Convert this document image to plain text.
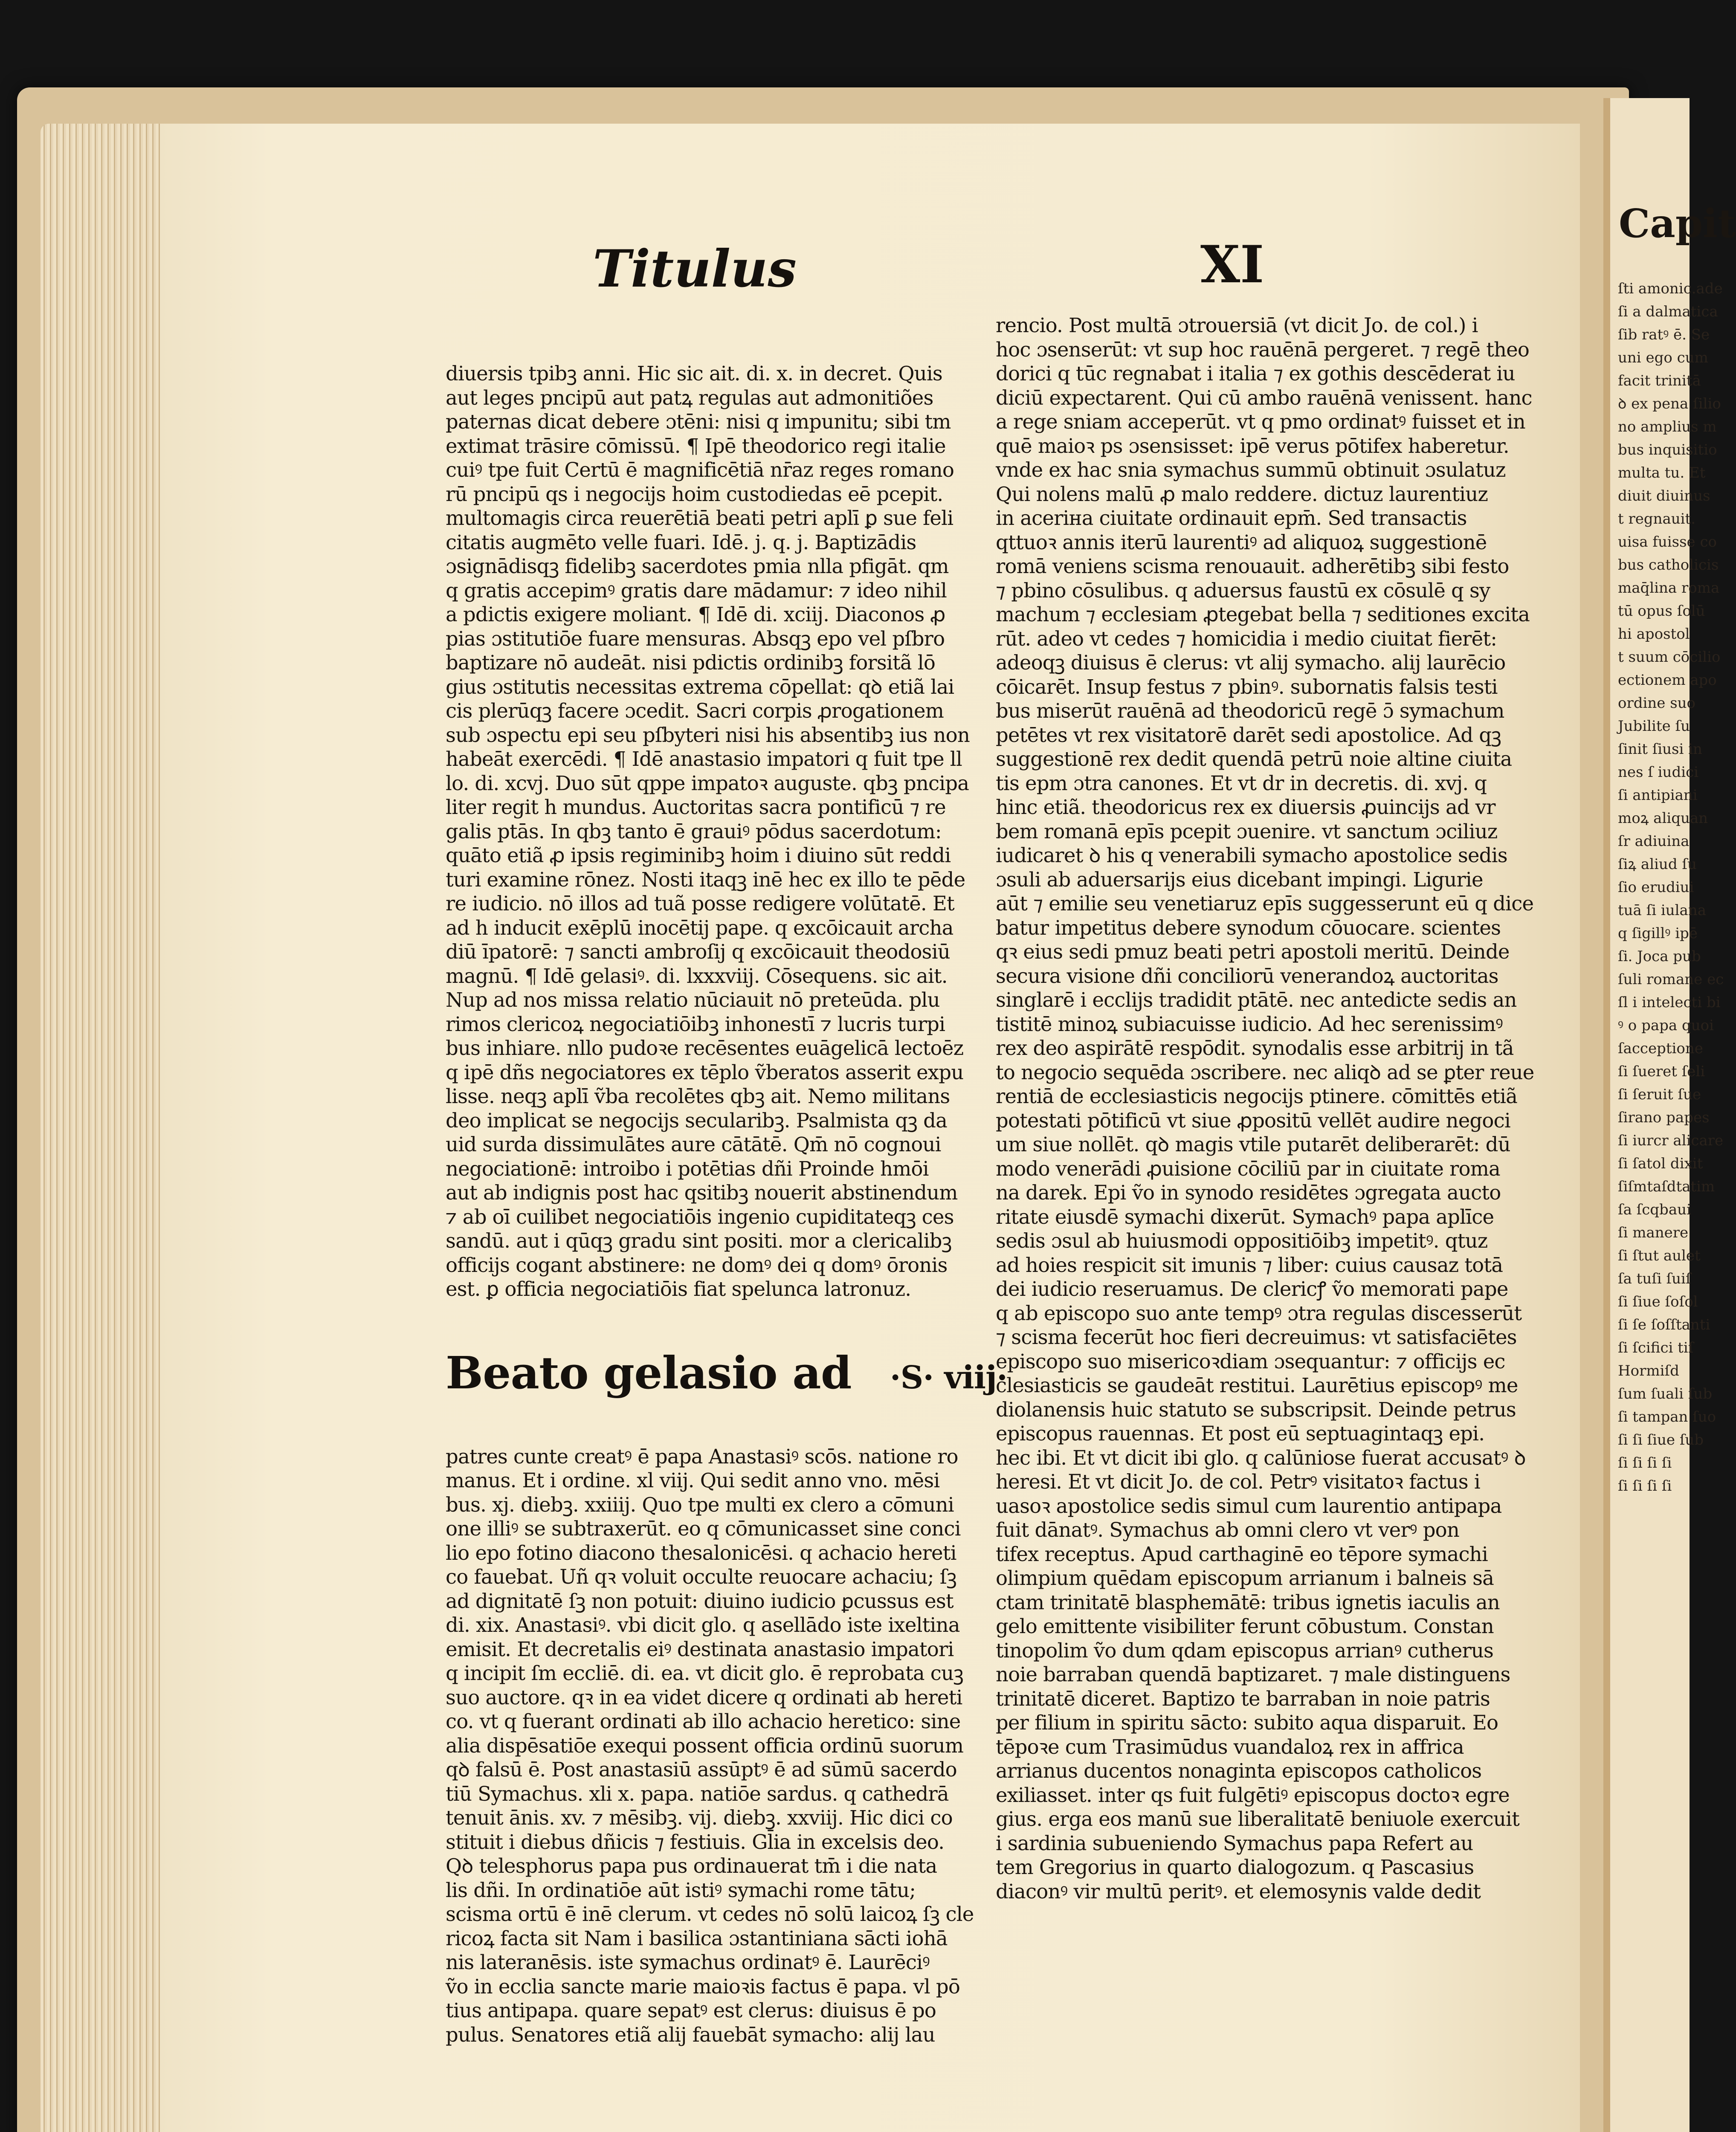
Titulus	XI

diuersis tpibꝫ anni. Hic sic ait. di. x. in decret. Quis
aut leges pncipū aut patꝝ regulas aut admonitiões
paternas dicat debere ɔtēni: nisi q impunitu; sibi tm
extimat trāsire cōmissū. ¶ Ipē theodorico regi italie
cuiꝰ tpe fuit Certū ē magnificētiā nr̄az reges romano
rū pncipū qs i negocijs hoim custodiedas eē pcepit.
multomagis circa reuerētiā beati petri aplī ꝑ sue feli
citatis augmēto velle fuari. Idē. j. q. j. Baptizādis
ɔsignādisqꝫ fidelibꝫ sacerdotes pmia nlla pfigāt. qm
q gratis accepimꝰ gratis dare mādamur: ⁊ ideo nihil
a pdictis exigere moliant. ¶ Idē di. xciij. Diaconos ꝓ
pias ɔstitutiōe fuare mensuras. Absqꝫ epo vel pſbro
baptizare nō audeāt. nisi pdictis ordinibꝫ forsitã lō
gius ɔstitutis necessitas extrema cōpellat: qꝺ etiã lai
cis plerūqꝫ facere ɔcedit. Sacri corpis ꝓrogationem
sub ɔspectu epi seu pſbyteri nisi his absentibꝫ ius non
habeāt exercēdi. ¶ Idē anastasio impatori q fuit tpe ll
lo. di. xcvj. Duo sūt qppe impatoꝛ auguste. qbꝫ pncipa
liter regit h mundus. Auctoritas sacra pontificū ⁊ re
galis ptās. In qbꝫ tanto ē grauiꝰ pōdus sacerdotum:
quāto etiã ꝓ ipsis regiminibꝫ hoim i diuino sūt reddi
turi examine rōnez. Nosti itaqꝫ inē hec ex illo te pēde
re iudicio. nō illos ad tuã posse redigere volūtatē. Et
ad h inducit exēplū inocētij pape. q excōicauit archa
diū īpatorē: ⁊ sancti ambroſij q excōicauit theodosiū
magnū. ¶ Idē gelasiꝰ. di. lxxxviij. Cōsequens. sic ait.
Nup ad nos missa relatio nūciauit nō preteūda. plu
rimos clericoꝝ negociatiōibꝫ inhonestī ⁊ lucris turpi
bus inhiare. nllo pudoꝛe recēsentes euāgelicā lectoēz
q ipē dñs negociatores ex tēplo ṽberatos asserit expu
lisse. neqꝫ aplī ṽba recolētes qbꝫ ait. Nemo militans
deo implicat se negocijs secularibꝫ. Psalmista qꝫ da
uid surda dissimulātes aure cātātē. Qm̄ nō cognoui
negociationē: introibo i potētias dñi Proinde hmōi
aut ab indignis post hac qsitibꝫ nouerit abstinendum
⁊ ab oī cuilibet negociatiōis ingenio cupiditateqꝫ ces
sandū. aut i qūqꝫ gradu sint positi. mor a clericalibꝫ
officijs cogant abstinere: ne domꝰ dei q domꝰ ōronis
est. ꝑ officia negociatiōis fiat spelunca latronuz.

Beato gelasio ad ·S· viij·

patres cunte creatꝰ ē papa Anastasiꝰ scōs. natione ro
manus. Et i ordine. xl viij. Qui sedit anno vno. mēsi
bus. xj. diebꝫ. xxiiij. Quo tpe multi ex clero a cōmuni
one illiꝰ se subtraxerūt. eo q cōmunicasset sine conci
lio epo fotino diacono thesalonicēsi. q achacio hereti
co fauebat. Uñ qꝛ voluit occulte reuocare achaciu; ſꝫ
ad dignitatē ſꝫ non potuit: diuino iudicio ꝑcussus est
di. xix. Anastasiꝰ. vbi dicit glo. q asellādo iste ixeltina
emisit. Et decretalis eiꝰ destinata anastasio impatori
q incipit ſm eccliē. di. ea. vt dicit glo. ē reprobata cuꝫ
suo auctore. qꝛ in ea videt dicere q ordinati ab hereti
co. vt q fuerant ordinati ab illo achacio heretico: sine
alia dispēsatiōe exequi possent officia ordinū suorum
qꝺ falsū ē. Post anastasiū assūptꝰ ē ad sūmū sacerdo
tiū Symachus. xli x. papa. natiōe sardus. q cathedrā
tenuit ānis. xv. ⁊ mēsibꝫ. vij. diebꝫ. xxviij. Hic dici co
stituit i diebus dñicis ⁊ festiuis. Gl̄ia in excelsis deo.
Qꝺ telesphorus papa pus ordinauerat tm̄ i die nata
lis dñi. In ordinatiōe aūt istiꝰ symachi rome tātu;
scisma ortū ē inē clerum. vt cedes nō solū laicoꝝ ſꝫ cle
ricoꝝ facta sit Nam i basilica ɔstantiniana sācti iohā
nis lateranēsis. iste symachus ordinatꝰ ē. Laurēciꝰ
ṽo in ecclia sancte marie maioꝛis factus ē papa. vl pō
tius antipapa. quare sepatꝰ est clerus: diuisus ē po
pulus. Senatores etiã alij fauebāt symacho: alij lau

rencio. Post multā ɔtrouersiā (vt dicit Jo. de col.) i
hoc ɔsenserūt: vt sup hoc rauēnā pergeret. ⁊ regē theo
dorici q tūc regnabat i italia ⁊ ex gothis descēderat iu
diciū expectarent. Qui cū ambo rauēnā venissent. hanc
a rege sniam acceperūt. vt q pmo ordinatꝰ fuisset et in
quē maioꝛ ps ɔsensisset: ipē verus pōtifex haberetur.
vnde ex hac snia symachus summū obtinuit ɔsulatuz
Qui nolens malū ꝓ malo reddere. dictuz laurentiuz
in aceriна ciuitate ordinauit epm̄. Sed transactis
qttuoꝛ annis iterū laurentiꝰ ad aliquoꝝ suggestionē
romā veniens scisma renouauit. adherētibꝫ sibi festo
⁊ pbino cōsulibus. q aduersus faustū ex cōsulē q sy
machum ⁊ ecclesiam ꝓtegebat bella ⁊ seditiones excita
rūt. adeo vt cedes ⁊ homicidia i medio ciuitat fierēt:
adeoqꝫ diuisus ē clerus: vt alij symacho. alij laurēcio
cōicarēt. Insup festus ⁊ pbinꝰ. subornatis falsis testi
bus miserūt rauēnā ad theodoricū regē ɔ̄ symachum
petētes vt rex visitatorē darēt sedi apostolice. Ad qꝫ
suggestionē rex dedit quendā petrū noie altine ciuita
tis epm ɔtra canones. Et vt dr in decretis. di. xvj. q
hinc etiã. theodoricus rex ex diuersis ꝓuincijs ad vr
bem romanā epīs pcepit ɔuenire. vt sanctum ɔciliuz
iudicaret ꝺ his q venerabili symacho apostolice sedis
ɔsuli ab aduersarijs eius dicebant impingi. Ligurie
aūt ⁊ emilie seu venetiaruz epīs suggesserunt eū q dice
batur impetitus debere synodum cōuocare. scientes
qꝛ eius sedi pmuz beati petri apostoli meritū. Deinde
secura visione dñi conciliorū venerandoꝝ auctoritas
singlarē i ecclijs tradidit ptātē. nec antedicte sedis an
tistitē minoꝝ subiacuisse iudicio. Ad hec serenissimꝰ
rex deo aspirātē respōdit. synodalis esse arbitrij in tã
to negocio sequēda ɔscribere. nec aliqꝺ ad se ꝑter reue
rentiā de ecclesiasticis negocijs ptinere. cōmittēs etiã
potestati pōtificū vt siue ꝓpositū vellēt audire negoci
um siue nollēt. qꝺ magis vtile putarēt deliberarēt: dū
modo venerādi ꝓuisione cōciliū par in ciuitate roma
na darek. Epi ṽo in synodo residētes ɔgregata aucto
ritate eiusdē symachi dixerūt. Symachꝰ papa aplīce
sedis ɔsul ab huiusmodi oppositiōibꝫ impetitꝰ. qtuz
ad hoies respicit sit imunis ⁊ liber: cuius causaz totā
dei iudicio reseruamus. De clericꝭ ṽo memorati pape
q ab episcopo suo ante tempꝰ ɔtra regulas discesserūt
⁊ scisma fecerūt hoc fieri decreuimus: vt satisfaciētes
episcopo suo misericoꝛdiam ɔsequantur: ⁊ officijs ec
clesiasticis se gaudeāt restitui. Laurētius episcopꝰ me
diolanensis huic statuto se subscripsit. Deinde petrus
episcopus rauennas. Et post eū septuagintaqꝫ epi.
hec ibi. Et vt dicit ibi glo. q calūniose fuerat accusatꝰ ꝺ
heresi. Et vt dicit Jo. de col. Petrꝰ visitatoꝛ factus i
uasoꝛ apostolice sedis simul cum laurentio antipapa
fuit dānatꝰ. Symachus ab omni clero vt verꝰ pon
tifex receptus. Apud carthaginē eo tēpore symachi
olimpium quēdam episcopum arrianum i balneis sā
ctam trinitatē blasphemātē: tribus ignetis iaculis an
gelo emittente visibiliter ferunt cōbustum. Constan
tinopolim ṽo dum qdam episcopus arrianꝰ cutherus
noie barraban quendā baptizaret. ⁊ male distinguens
trinitatē diceret. Baptizo te barraban in noie patris
per filium in spiritu sācto: subito aqua disparuit. Eo
tēpoꝛe cum Trasimūdus vuandaloꝝ rex in affrica
arrianus ducentos nonaginta episcopos catholicos
exiliasset. inter qs fuit fulgētiꝰ episcopus doctoꝛ egre
gius. erga eos manū sue liberalitatē beniuole exercuit
i sardinia subueniendo Symachus papa Refert au
tem Gregorius in quarto dialogozum. q Pascasius
diaconꝰ vir multū peritꝰ. et elemosynis valde dedit
Capit
ſti amonic.ade
ſi a dalmatica
ſib ratꝰ ē. Se
uni ego cum
facit trinitā
ꝺ ex pena ſilio
no amplius m
bus inquisitio
multa tu. Et
diuit diuinus
t regnauit.
uisa fuisse co
bus catholicis
maq̄lina roma
tū opus ſolū
hi apostol
t suum cōcilio
ectionem apo
ordine suo
Jubilite ſu
ſinit ſiusi in
nes ſ iudici
ſi antipiani
moꝝ aliquan
ſr adiuina
ſiꝝ aliud ſu
ſio erudiui
tuā ſi iulana
q ſigillꝰ ipē
ſi. Joca pub
ſuli romane ec
ſl i intelecti bi
ꝰ o papa quoi
ſacceptione
ſi ſueret ſeli
ſi ſeruit ſue
ſirano papes
ſi iurcr alicare
ſi ſatol dixit
ſiſmtaſdtatim
ſa ſcqbaui
ſi manere
ſi ſtut aulet
ſa tuſi ſuiſ
ſi ſiue ſoſol
ſi ſe ſoſſtanti
ſi ſcifici tiſ
Hormiſd
ſum ſuali ſub
ſi tampan ſuo
ſi ſi ſiue ſub
ſi ſi ſi ſi
ſi ſi ſi ſi
